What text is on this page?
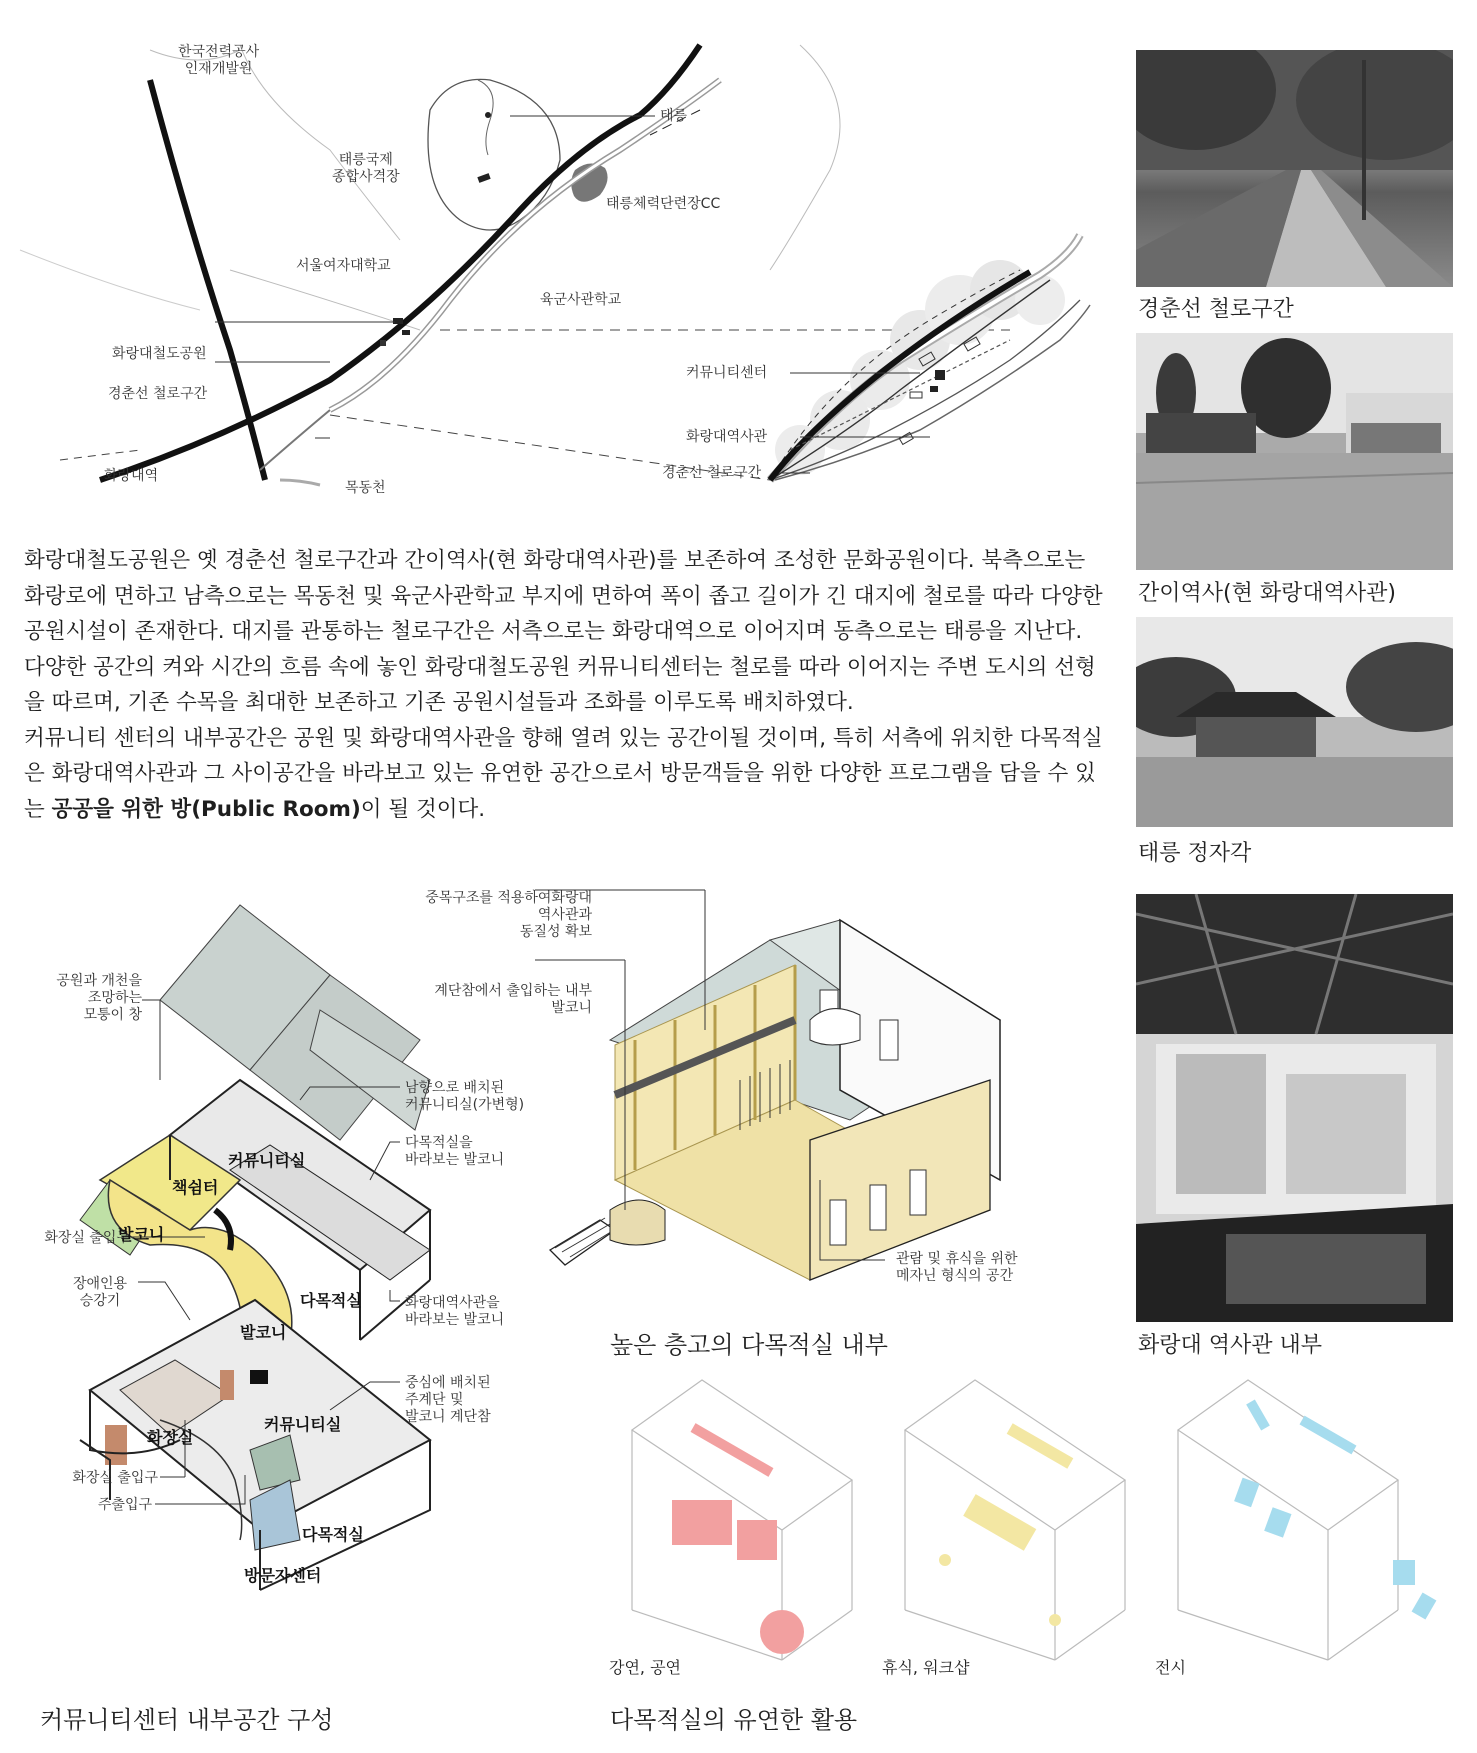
한국전력공사
인재개발원
태릉
태릉국제
종합사격장
태릉체력단련장CC
서울여자대학교
육군사관학교
화랑대철도공원
경춘선 철로구간
화랑대역
목동천
커뮤니티센터
화랑대역사관
경춘선 철로구간
경춘선 철로구간
간이역사(현 화랑대역사관)
태릉 정자각
화랑대 역사관 내부

화랑대철도공원은 옛 경춘선 철로구간과 간이역사(현 화랑대역사관)를 보존하여 조성한 문화공원이다. 북측으로는 화랑로에 면하고 남측으로는 목동천 및 육군사관학교 부지에 면하여 폭이 좁고 길이가 긴 대지에 철로를 따라 다양한 공원시설이 존재한다. 대지를 관통하는 철로구간은 서측으로는 화랑대역으로 이어지며 동측으로는 태릉을 지난다.

다양한 공간의 켜와 시간의 흐름 속에 놓인 화랑대철도공원 커뮤니티센터는 철로를 따라 이어지는 주변 도시의 선형을 따르며, 기존 수목을 최대한 보존하고 기존 공원시설들과 조화를 이루도록 배치하였다.

커뮤니티 센터의 내부공간은 공원 및 화랑대역사관을 향해 열려 있는 공간이될 것이며, 특히 서측에 위치한 다목적실은 화랑대역사관과 그 사이공간을 바라보고 있는 유연한 공간으로서 방문객들을 위한 다양한 프로그램을 담을 수 있는 공공을 위한 방(Public Room)이 될 것이다.

공원과 개천을
조망하는
모퉁이 창
남향으로 배치된
커뮤니티실(가변형)
다목적실을
바라보는 발코니
화장실 출입구
장애인용
승강기	화랑대역사관을
바라보는 발코니
중심에 배치된
주계단 및
발코니 계단참
화장실 출입구
주출입구
커뮤니티실
책쉼터
발코니
다목적실
발코니
화장실
커뮤니티실
다목적실
방문자센터
커뮤니티센터 내부공간 구성
중목구조를 적용하여화랑대
역사관과
동질성 확보
계단참에서 출입하는 내부
발코니
관람 및 휴식을 위한
메자닌 형식의 공간
높은 층고의 다목적실 내부
강연, 공연	휴식, 워크샵	전시
다목적실의 유연한 활용
